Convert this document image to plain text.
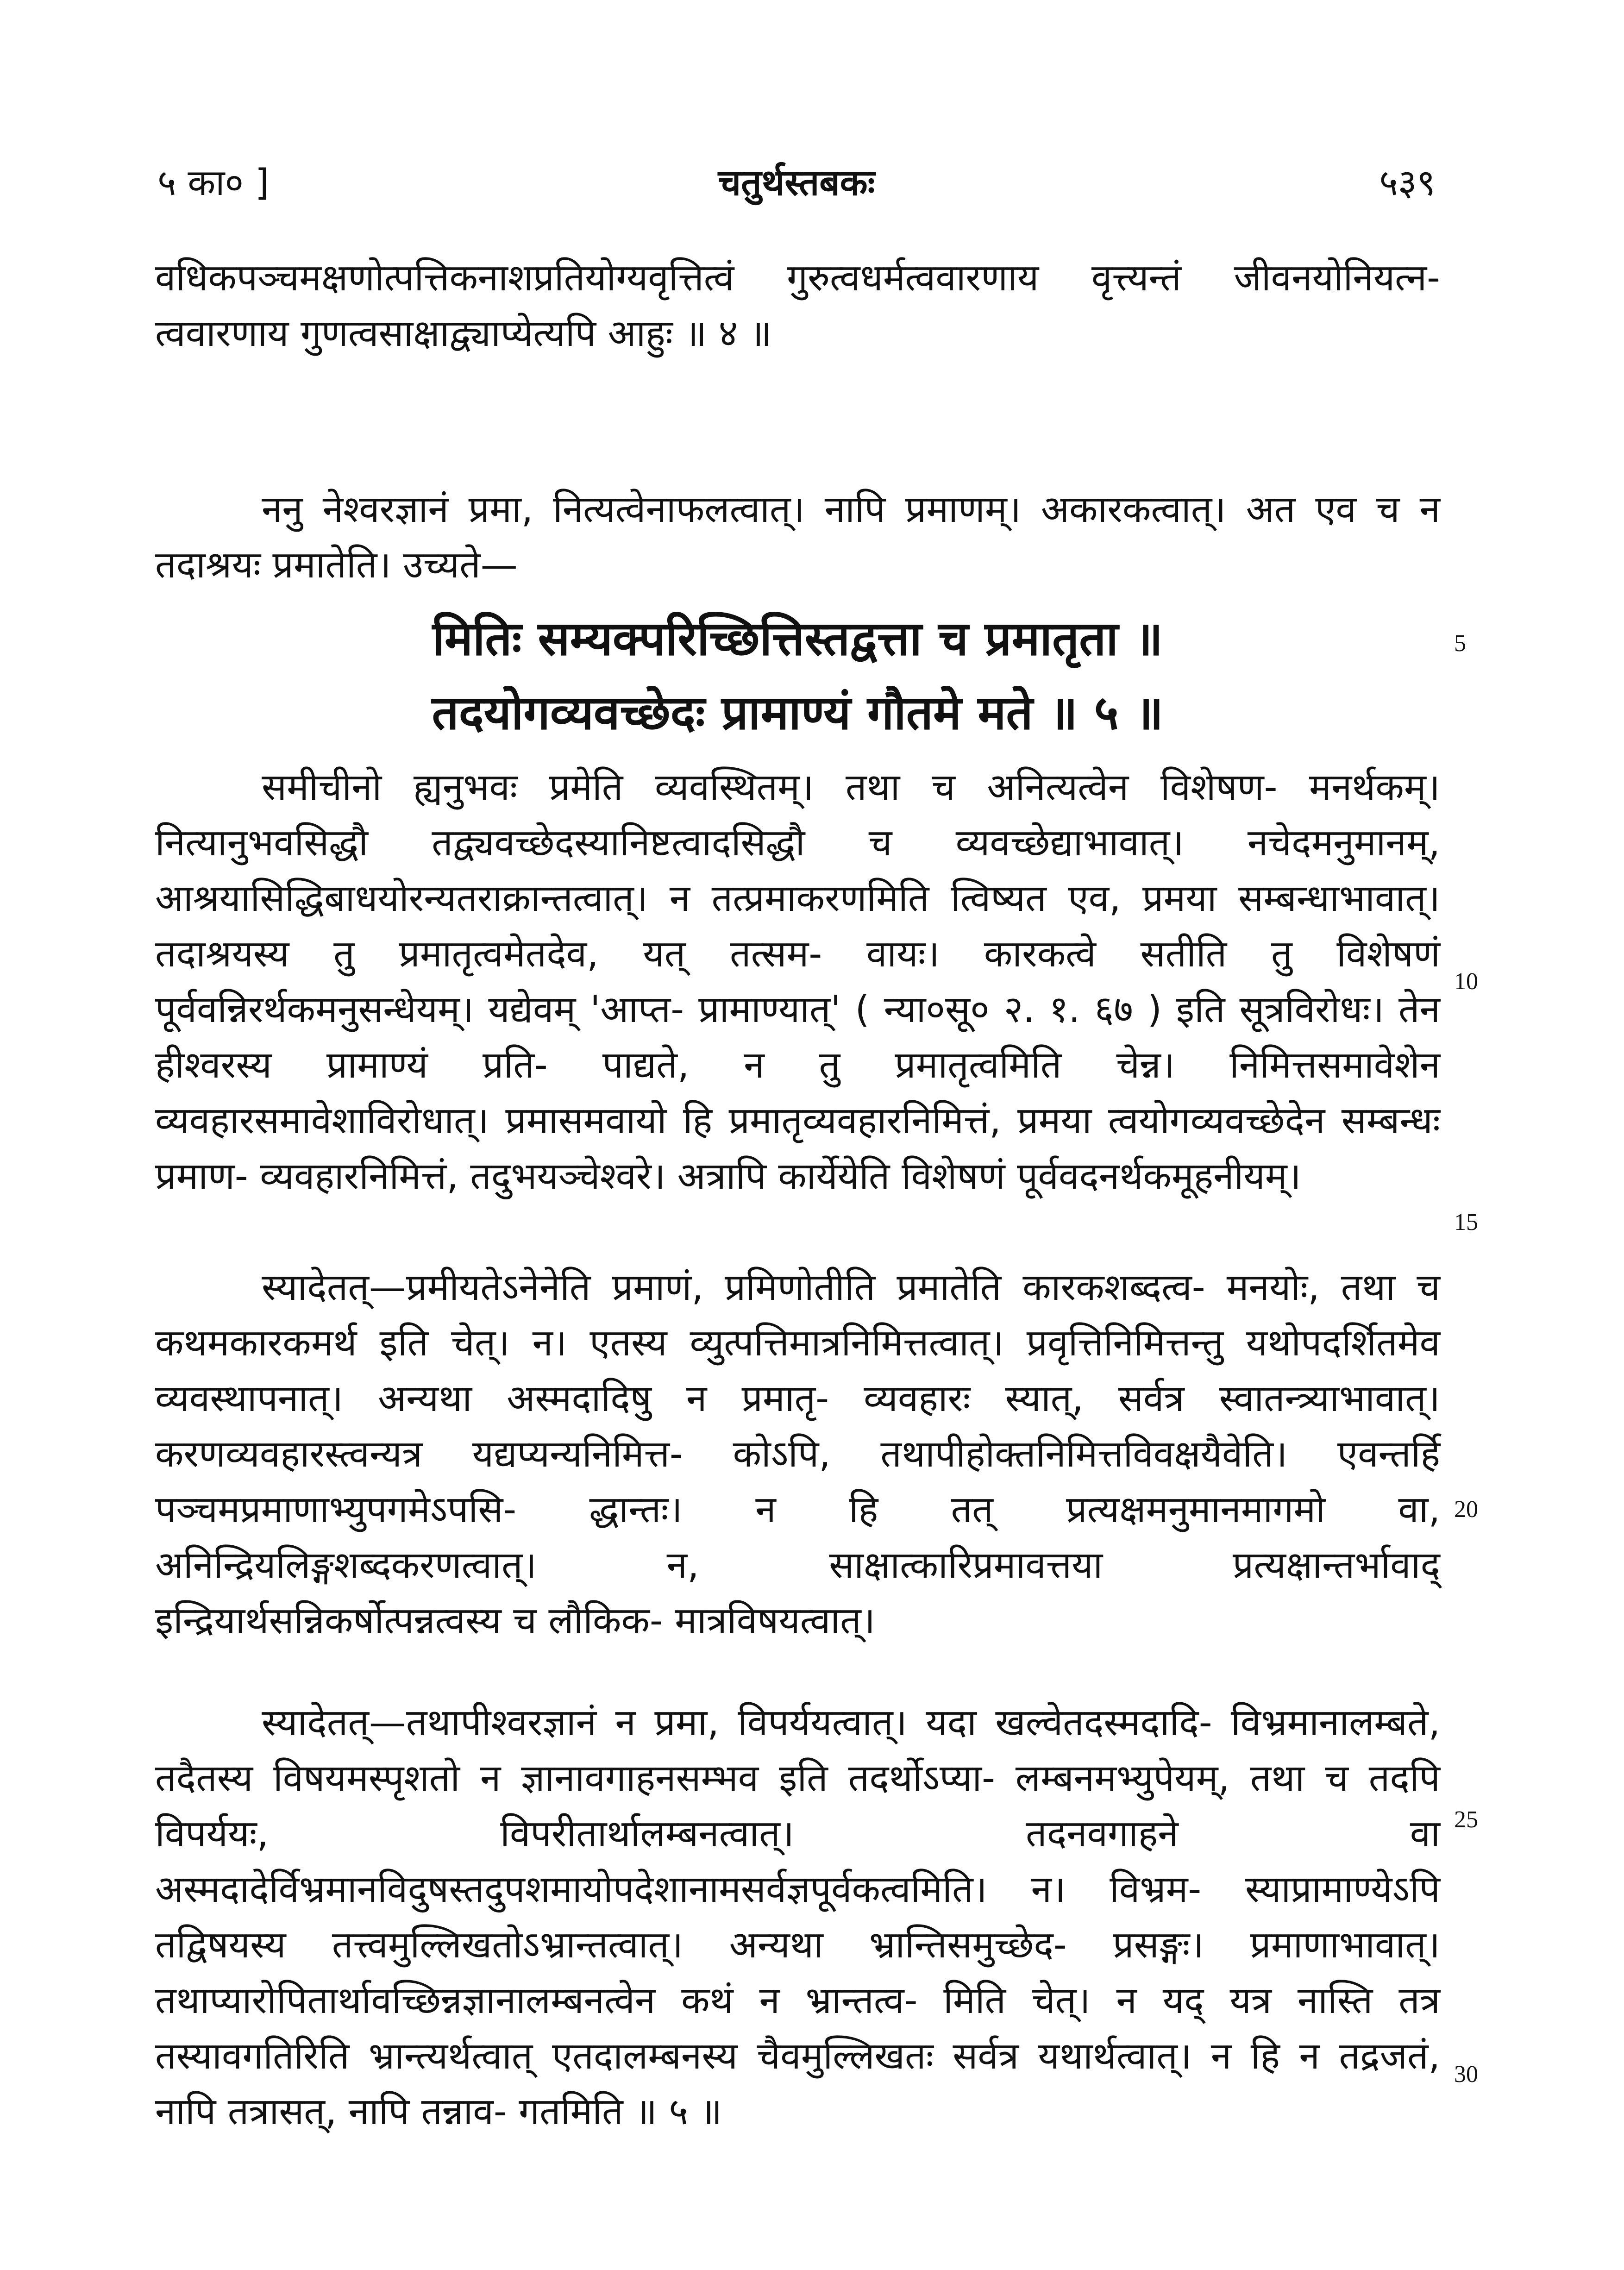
५ का० ]	चतुर्थस्तबकः	५३९

वधिकपञ्चमक्षणोत्पत्तिकनाशप्रतियोग्यवृत्तित्वं गुरुत्वधर्मत्ववारणाय वृत्त्यन्तं जीवनयोनियत्न- त्ववारणाय गुणत्वसाक्षाद्व्याप्येत्यपि आहुः ॥ ४ ॥

ननु नेश्वरज्ञानं प्रमा, नित्यत्वेनाफलत्वात्। नापि प्रमाणम्। अकारकत्वात्। अत एव च न तदाश्रयः प्रमातेति। उच्यते—

मितिः सम्यक्परिच्छित्तिस्तद्वत्ता च प्रमातृता ॥
तदयोगव्यवच्छेदः प्रामाण्यं गौतमे मते ॥ ५ ॥

समीचीनो ह्यनुभवः प्रमेति व्यवस्थितम्। तथा च अनित्यत्वेन विशेषण- मनर्थकम्। नित्यानुभवसिद्धौ तद्व्यवच्छेदस्यानिष्टत्वादसिद्धौ च व्यवच्छेद्याभावात्। नचेदमनुमानम्, आश्रयासिद्धिबाधयोरन्यतराक्रान्तत्वात्। न तत्प्रमाकरणमिति त्विष्यत एव, प्रमया सम्बन्धाभावात्। तदाश्रयस्य तु प्रमातृत्वमेतदेव, यत् तत्सम- वायः। कारकत्वे सतीति तु विशेषणं पूर्ववन्निरर्थकमनुसन्धेयम्। यद्येवम् 'आप्त- प्रामाण्यात्' ( न्या०सू० २. १. ६७ ) इति सूत्रविरोधः। तेन हीश्वरस्य प्रामाण्यं प्रति- पाद्यते, न तु प्रमातृत्वमिति चेन्न। निमित्तसमावेशेन व्यवहारसमावेशाविरोधात्। प्रमासमवायो हि प्रमातृव्यवहारनिमित्तं, प्रमया त्वयोगव्यवच्छेदेन सम्बन्धः प्रमाण- व्यवहारनिमित्तं, तदुभयञ्चेश्वरे। अत्रापि कार्येयेति विशेषणं पूर्ववदनर्थकमूहनीयम्।

स्यादेतत्—प्रमीयतेऽनेनेति प्रमाणं, प्रमिणोतीति प्रमातेति कारकशब्दत्व- मनयोः, तथा च कथमकारकमर्थ इति चेत्। न। एतस्य व्युत्पत्तिमात्रनिमित्तत्वात्। प्रवृत्तिनिमित्तन्तु यथोपदर्शितमेव व्यवस्थापनात्। अन्यथा अस्मदादिषु न प्रमातृ- व्यवहारः स्यात्, सर्वत्र स्वातन्त्र्याभावात्। करणव्यवहारस्त्वन्यत्र यद्यप्यन्यनिमित्त- कोऽपि, तथापीहोक्तनिमित्तविवक्षयैवेति। एवन्तर्हि पञ्चमप्रमाणाभ्युपगमेऽपसि- द्धान्तः। न हि तत् प्रत्यक्षमनुमानमागमो वा, अनिन्द्रियलिङ्गशब्दकरणत्वात्। न, साक्षात्कारिप्रमावत्तया प्रत्यक्षान्तर्भावाद् इन्द्रियार्थसन्निकर्षोत्पन्नत्वस्य च लौकिक- मात्रविषयत्वात्।

स्यादेतत्—तथापीश्वरज्ञानं न प्रमा, विपर्ययत्वात्। यदा खल्वेतदस्मदादि- विभ्रमानालम्बते, तदैतस्य विषयमस्पृशतो न ज्ञानावगाहनसम्भव इति तदर्थोऽप्या- लम्बनमभ्युपेयम्, तथा च तदपि विपर्ययः, विपरीतार्थालम्बनत्वात्। तदनवगाहने वा अस्मदादेर्विभ्रमानविदुषस्तदुपशमायोपदेशानामसर्वज्ञपूर्वकत्वमिति। न। विभ्रम- स्याप्रामाण्येऽपि तद्विषयस्य तत्त्वमुल्लिखतोऽभ्रान्तत्वात्। अन्यथा भ्रान्तिसमुच्छेद- प्रसङ्गः। प्रमाणाभावात्। तथाप्यारोपितार्थावच्छिन्नज्ञानालम्बनत्वेन कथं न भ्रान्तत्व- मिति चेत्। न यद् यत्र नास्ति तत्र तस्यावगतिरिति भ्रान्त्यर्थत्वात् एतदालम्बनस्य चैवमुल्लिखतः सर्वत्र यथार्थत्वात्। न हि न तद्रजतं, नापि तत्रासत्, नापि तन्नाव- गतमिति ॥ ५ ॥

5
10
15
20
25
30
